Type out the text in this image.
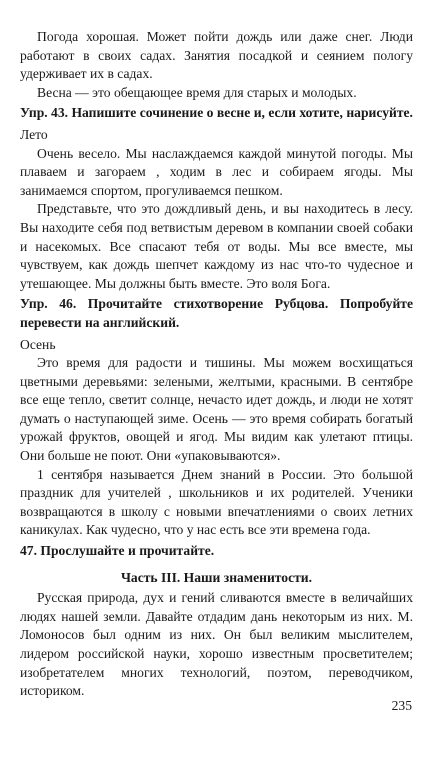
Погода хорошая. Может пойти дождь или даже снег. Люди работают в своих садах. Занятия посадкой и сеянием пологу удерживает их в садах.

Весна — это обещающее время для старых и молодых.

Упр. 43. Напишите сочинение о весне и, если хотите, нарисуйте.

Лето

Очень весело. Мы наслаждаемся каждой минутой погоды. Мы плаваем и загораем , ходим в лес и собираем ягоды. Мы занимаемся спортом, прогуливаемся пешком.

Представьте, что это дождливый день, и вы находитесь в лесу. Вы находите себя под ветвистым деревом в компании своей собаки и насекомых. Все спасают тебя от воды. Мы все вместе, мы чувствуем, как дождь шепчет каждому из нас что-то чудесное и утешающее. Мы должны быть вместе. Это воля Бога.

Упр. 46. Прочитайте стихотворение Рубцова. Попробуйте перевести на английский.

Осень

Это время для радости и тишины. Мы можем восхищаться цветными деревьями: зелеными, желтыми, красными. В сентябре все еще тепло, светит солнце, нечасто идет дождь, и люди не хотят думать о наступающей зиме. Осень — это время собирать богатый урожай фруктов, овощей и ягод. Мы видим как улетают птицы. Они больше не поют. Они «упаковываются».

1 сентября называется Днем знаний в России. Это большой праздник для учителей , школьников и их родителей. Ученики возвращаются в школу с новыми впечатлениями о своих летних каникулах. Как чудесно, что у нас есть все эти времена года.

47. Прослушайте и прочитайте.

Часть III. Наши знаменитости.

Русская природа, дух и гений сливаются вместе в величайших людях нашей земли. Давайте отдадим дань некоторым из них. М. Ломоносов был одним из них. Он был великим мыслителем, лидером российской науки, хорошо известным просветителем; изобретателем многих технологий, поэтом, переводчиком, историком.

235
